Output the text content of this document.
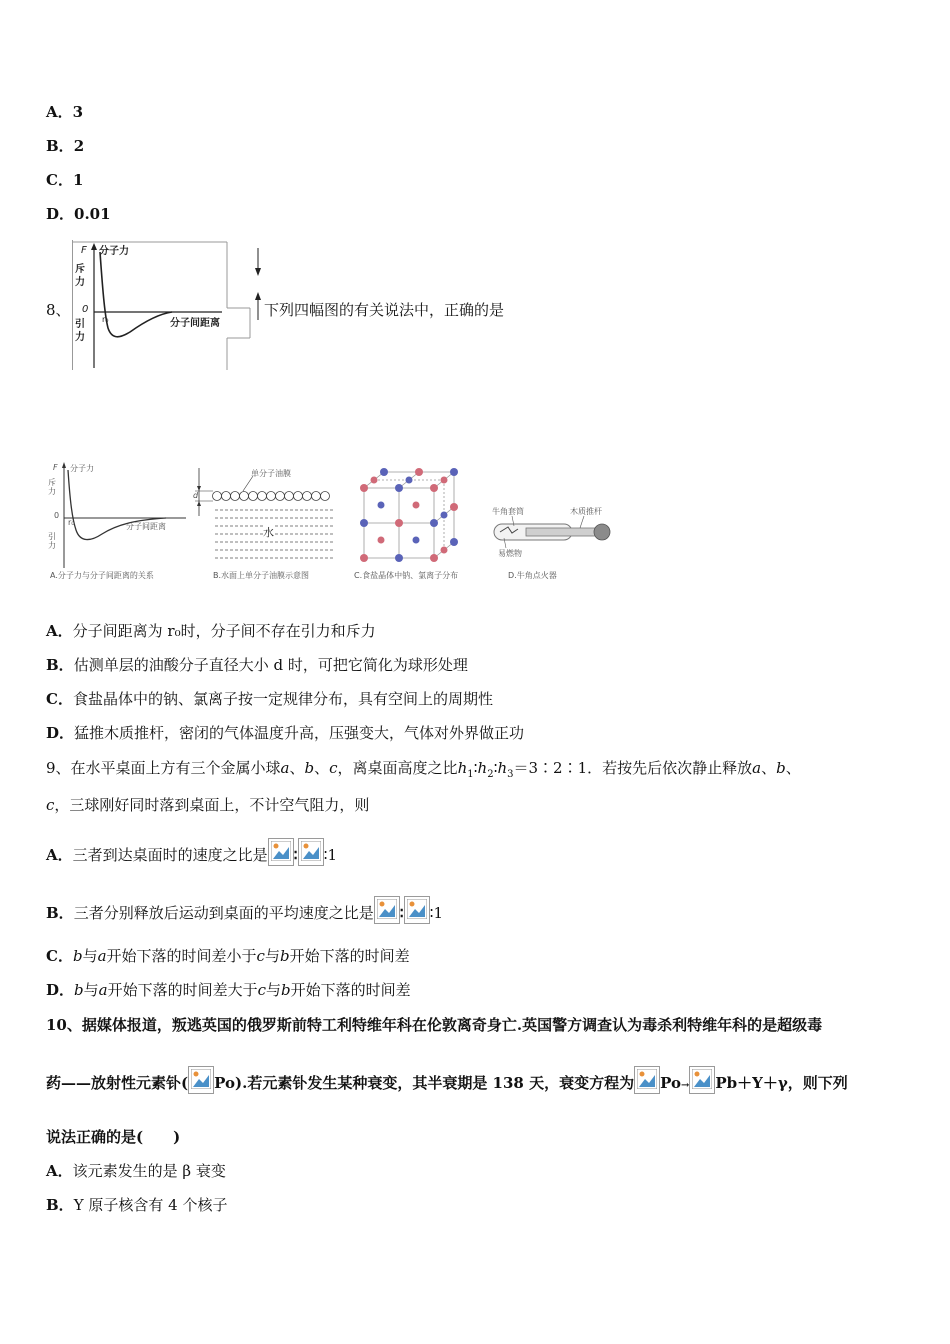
A．3
B．2
C．1
D．0.01
8、
F 分子力
斥力
0
r₀	分子间距离
引力
下列四幅图的有关说法中，正确的是
F 分子力
斥力
0
r₀	分子间距离
引力
A.分子力与分子间距离的关系
d
单分子油膜
水
B.水面上单分子油膜示意图	C.食盐晶体中钠、氯离子分布
牛角套筒	木质推杆
易燃物
D.牛角点火器
A．分子间距离为 r₀时，分子间不存在引力和斥力
B．估测单层的油酸分子直径大小 d 时，可把它简化为球形处理
C．食盐晶体中的钠、氯离子按一定规律分布，具有空间上的周期性
D．猛推木质推杆，密闭的气体温度升高，压强变大，气体对外界做正功
9、在水平桌面上方有三个金属小球a、b、c，离桌面高度之比$h_1∶h_2∶h_3=3∶2∶1$．若按先后依次静止释放a、b、
c，三球刚好同时落到桌面上，不计空气阻力，则
A．三者到达桌面时的速度之比是 ∶ ∶1
B．三者分别释放后运动到桌面的平均速度之比是 ∶ ∶1
C．b与a开始下落的时间差小于c与b开始下落的时间差
D．b与a开始下落的时间差大于c与b开始下落的时间差
10、据媒体报道，叛逃英国的俄罗斯前特工利特维年科在伦敦离奇身亡.英国警方调查认为毒杀利特维年科的是超级毒
药——放射性元素钋( Po).若元素钋发生某种衰变，其半衰期是 138 天，衰变方程为 Po→ Pb＋Y＋γ，则下列
说法正确的是(　　)
A．该元素发生的是 β 衰变
B．Y 原子核含有 4 个核子
